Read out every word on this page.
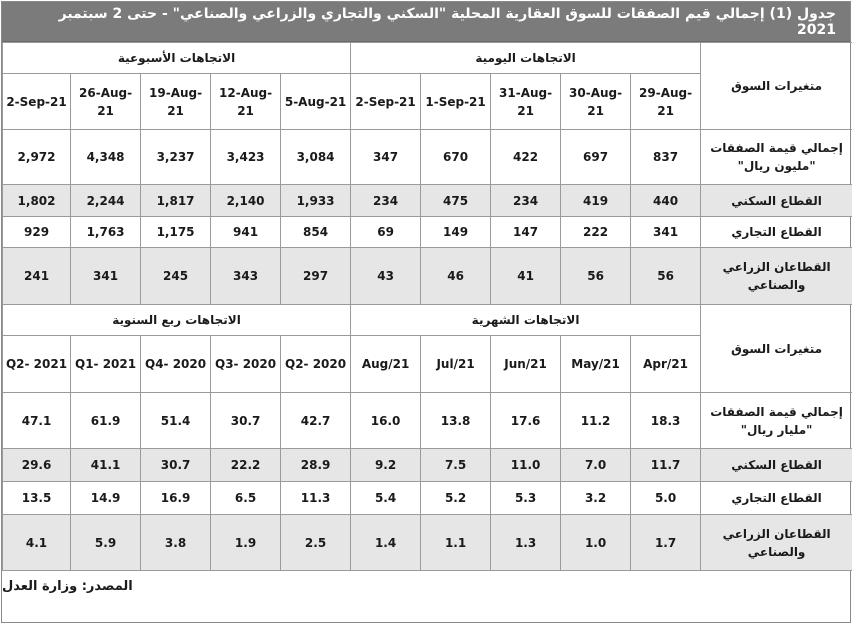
جدول (1) إجمالي قيم الصفقات للسوق العقارية المحلية "السكني والتجاري والزراعي والصناعي" - حتى 2 سبتمبر 2021
متغيرات السوق	الاتجاهات اليومية					الاتجاهات الأسبوعية				
	29-Aug-21	30-Aug-21	31-Aug-21	1-Sep-21	2-Sep-21	5-Aug-21	12-Aug-21	19-Aug-21	26-Aug-21	2-Sep-21
إجمالي قيمة الصفقات "مليون ريال"	837	697	422	670	347	3,084	3,423	3,237	4,348	2,972
القطاع السكني	440	419	234	475	234	1,933	2,140	1,817	2,244	1,802
القطاع التجاري	341	222	147	149	69	854	941	1,175	1,763	929
القطاعان الزراعي والصناعي	56	56	41	46	43	297	343	245	341	241
متغيرات السوق	الاتجاهات الشهرية					الاتجاهات ربع السنوية				
	Apr/21	May/21	Jun/21	Jul/21	Aug/21	Q2- 2020	Q3- 2020	Q4- 2020	Q1- 2021	Q2- 2021
إجمالي قيمة الصفقات "مليار ريال"	18.3	11.2	17.6	13.8	16.0	42.7	30.7	51.4	61.9	47.1
القطاع السكني	11.7	7.0	11.0	7.5	9.2	28.9	22.2	30.7	41.1	29.6
القطاع التجاري	5.0	3.2	5.3	5.2	5.4	11.3	6.5	16.9	14.9	13.5
القطاعان الزراعي والصناعي	1.7	1.0	1.3	1.1	1.4	2.5	1.9	3.8	5.9	4.1
المصدر: وزارة العدل
